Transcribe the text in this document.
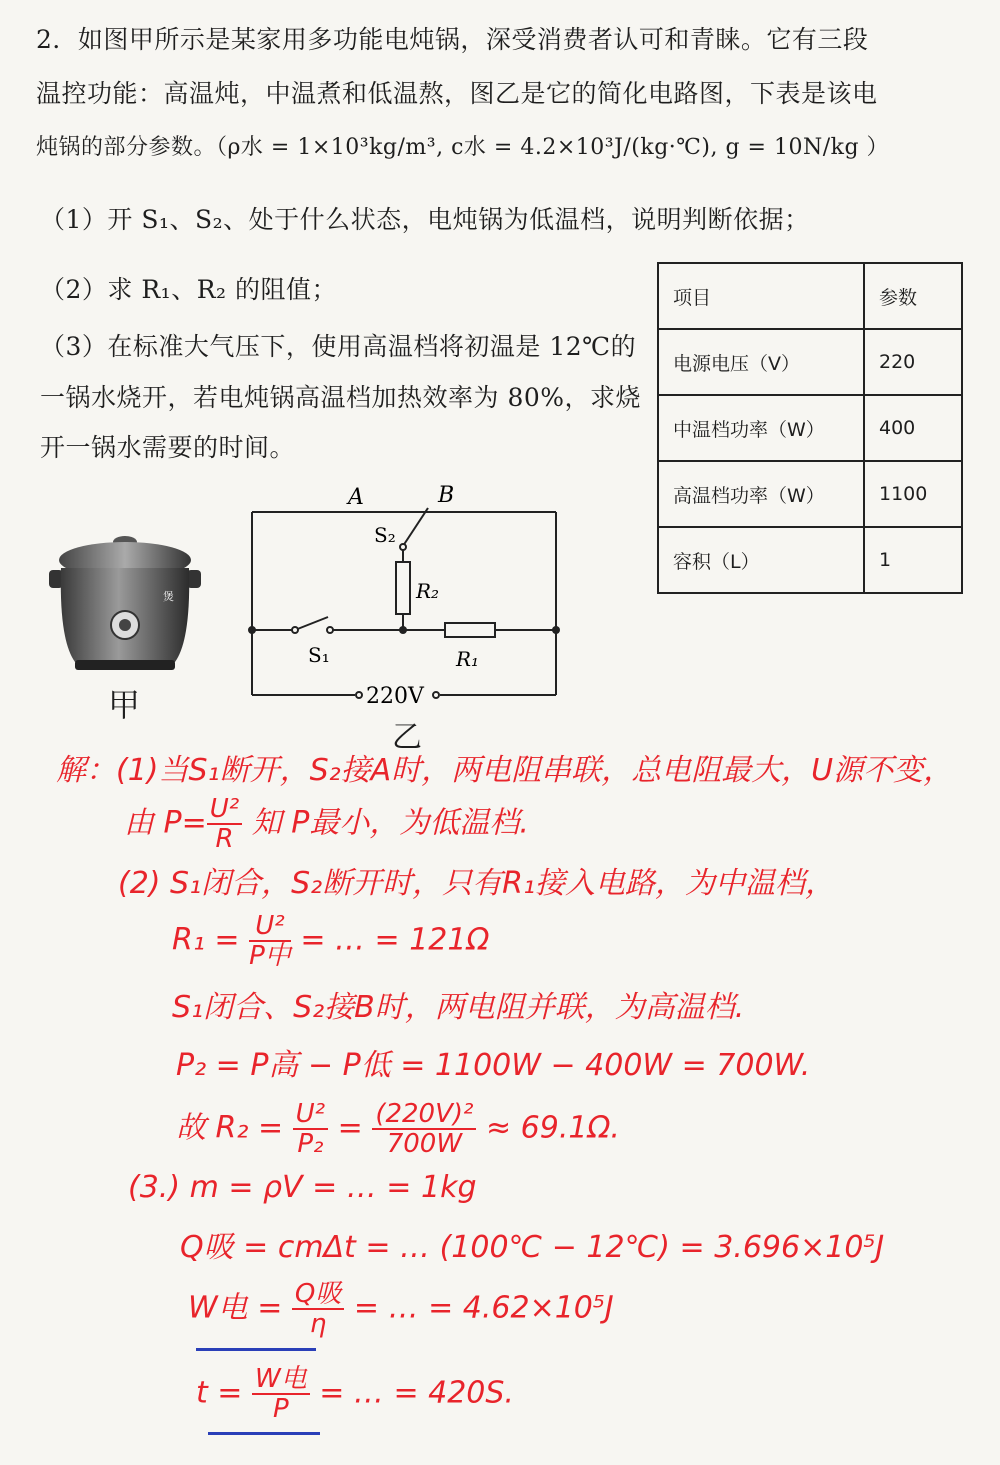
2．如图甲所示是某家用多功能电炖锅，深受消费者认可和青睐。它有三段
温控功能：高温炖，中温煮和低温熬，图乙是它的简化电路图，下表是该电
炖锅的部分参数。（ρ水 = 1×10³kg/m³, c水 = 4.2×10³J/(kg·℃), g = 10N/kg ）
（1）开 S₁、S₂、处于什么状态，电炖锅为低温档，说明判断依据；
（2）求 R₁、R₂ 的阻值；
（3）在标准大气压下，使用高温档将初温是 12℃的
一锅水烧开，若电炖锅高温档加热效率为 80%，求烧
开一锅水需要的时间。
项目	参数
电源电压（V）	220
中温档功率（W）	400
高温档功率（W）	1100
容积（L）	1
煲
甲
A	B
S₂
R₂
S₁	R₁
220V
乙
解：(1)当S₁断开，S₂接A时，两电阻串联，总电阻最大，U源不变，
由 $P= \frac{\text{U²}}{R}$ 知 P最小，为低温档.
(2) S₁闭合，S₂断开时，只有R₁接入电路，为中温档，
$R_1 = \frac{\text{U²}}{\text{P中}}$ = … = 121Ω
S₁闭合、S₂接B时，两电阻并联，为高温档.
P₂ = P高 − P低 = 1100W − 400W = 700W.
故 $R_2 = \frac{\text{U²}}{\text{P₂}} = \frac{\text{(220V)²}}{700W} \approx 69.1\Omega$.
(3.) m = ρV = … = 1kg
Q吸 = cmΔt = … (100℃ − 12℃) = 3.696×10⁵J
W电 = $\frac{\text{Q吸}}{\eta}$ = … = 4.62×10⁵J
$t = \frac{\text{W电}}{P}$ = … = 420S.
